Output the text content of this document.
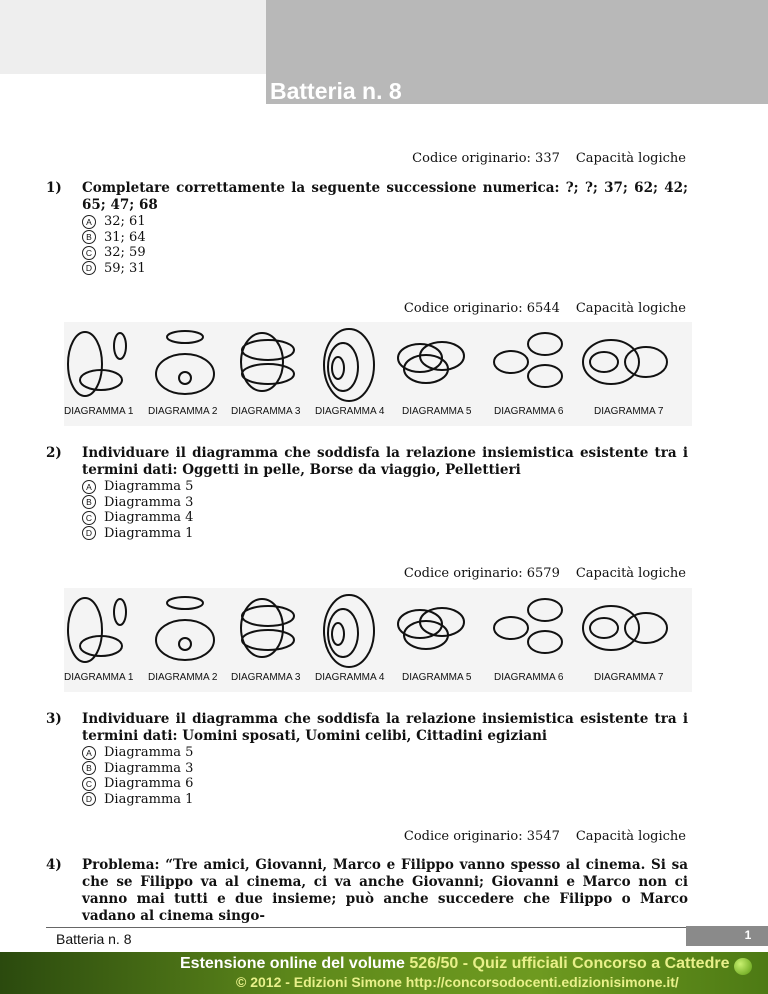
Batteria n. 8
Codice originario: 337 Capacità logiche
1) Completare correttamente la seguente successione numerica: ?; ?; 37; 62; 42; 65; 47; 68
A 32; 61
B 31; 64
C 32; 59
D 59; 31
Codice originario: 6544 Capacità logiche
DIAGRAMMA 1 DIAGRAMMA 2 DIAGRAMMA 3 DIAGRAMMA 4 DIAGRAMMA 5 DIAGRAMMA 6	DIAGRAMMA 7
2) Individuare il diagramma che soddisfa la relazione insiemistica esistente tra i termini dati: Oggetti in pelle, Borse da viaggio, Pellettieri
A Diagramma 5
B Diagramma 3
C Diagramma 4
D Diagramma 1
Codice originario: 6579 Capacità logiche
DIAGRAMMA 1 DIAGRAMMA 2 DIAGRAMMA 3 DIAGRAMMA 4 DIAGRAMMA 5 DIAGRAMMA 6	DIAGRAMMA 7
3) Individuare il diagramma che soddisfa la relazione insiemistica esistente tra i termini dati: Uomini sposati, Uomini celibi, Cittadini egiziani
A Diagramma 5
B Diagramma 3
C Diagramma 6
D Diagramma 1
Codice originario: 3547 Capacità logiche
4) Problema: “Tre amici, Giovanni, Marco e Filippo vanno spesso al cinema. Si sa che se Filippo va al cinema, ci va anche Giovanni; Giovanni e Marco non ci vanno mai tutti e due insieme; può anche succedere che Filippo o Marco vadano al cinema singo-
Batteria n. 8	1
Estensione online del volume 526/50 - Quiz ufficiali Concorso a Cattedre
© 2012 - Edizioni Simone http://concorsodocenti.edizionisimone.it/
